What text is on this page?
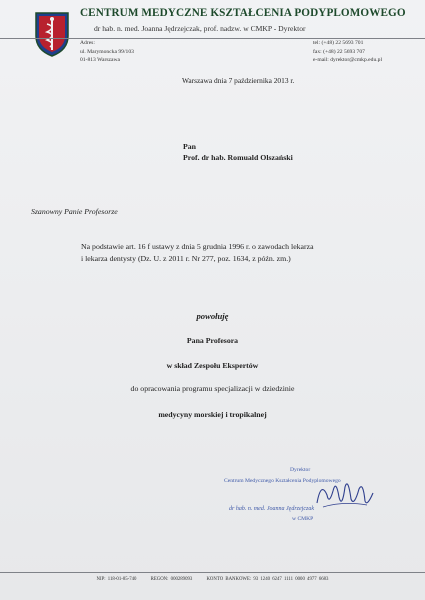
CENTRUM MEDYCZNE KSZTAŁCENIA PODYPLOMOWEGO
dr hab. n. med. Joanna Jędrzejczak, prof. nadzw. w CMKP - Dyrektor
Adres:
ul. Marymoncka 99/103
01-813 Warszawa
tel: (+48) 22 5693 701
fax: (+48) 22 5693 707
e-mail: dyrektor@cmkp.edu.pl
Warszawa dnia 7 października 2013 r.
Pan
Prof. dr hab. Romuald Olszański
Szanowny Panie Profesorze
Na podstawie art. 16 f ustawy z dnia 5 grudnia 1996 r. o zawodach lekarza
i lekarza dentysty (Dz. U. z 2011 r. Nr 277, poz. 1634, z późn. zm.)
powołuję
Pana Profesora
w skład Zespołu Ekspertów
do opracowania programu specjalizacji w dziedzinie
medycyny morskiej i tropikalnej
Dyrektor
Centrum Medycznego Kształcenia Podyplomowego
dr hab. n. med. Joanna Jędrzejczak
w CMKP
NIP: 118-01-85-740	REGON: 000289093	KONTO BANKOWE: 93 1240 6247 1111 0000 4977 6683
